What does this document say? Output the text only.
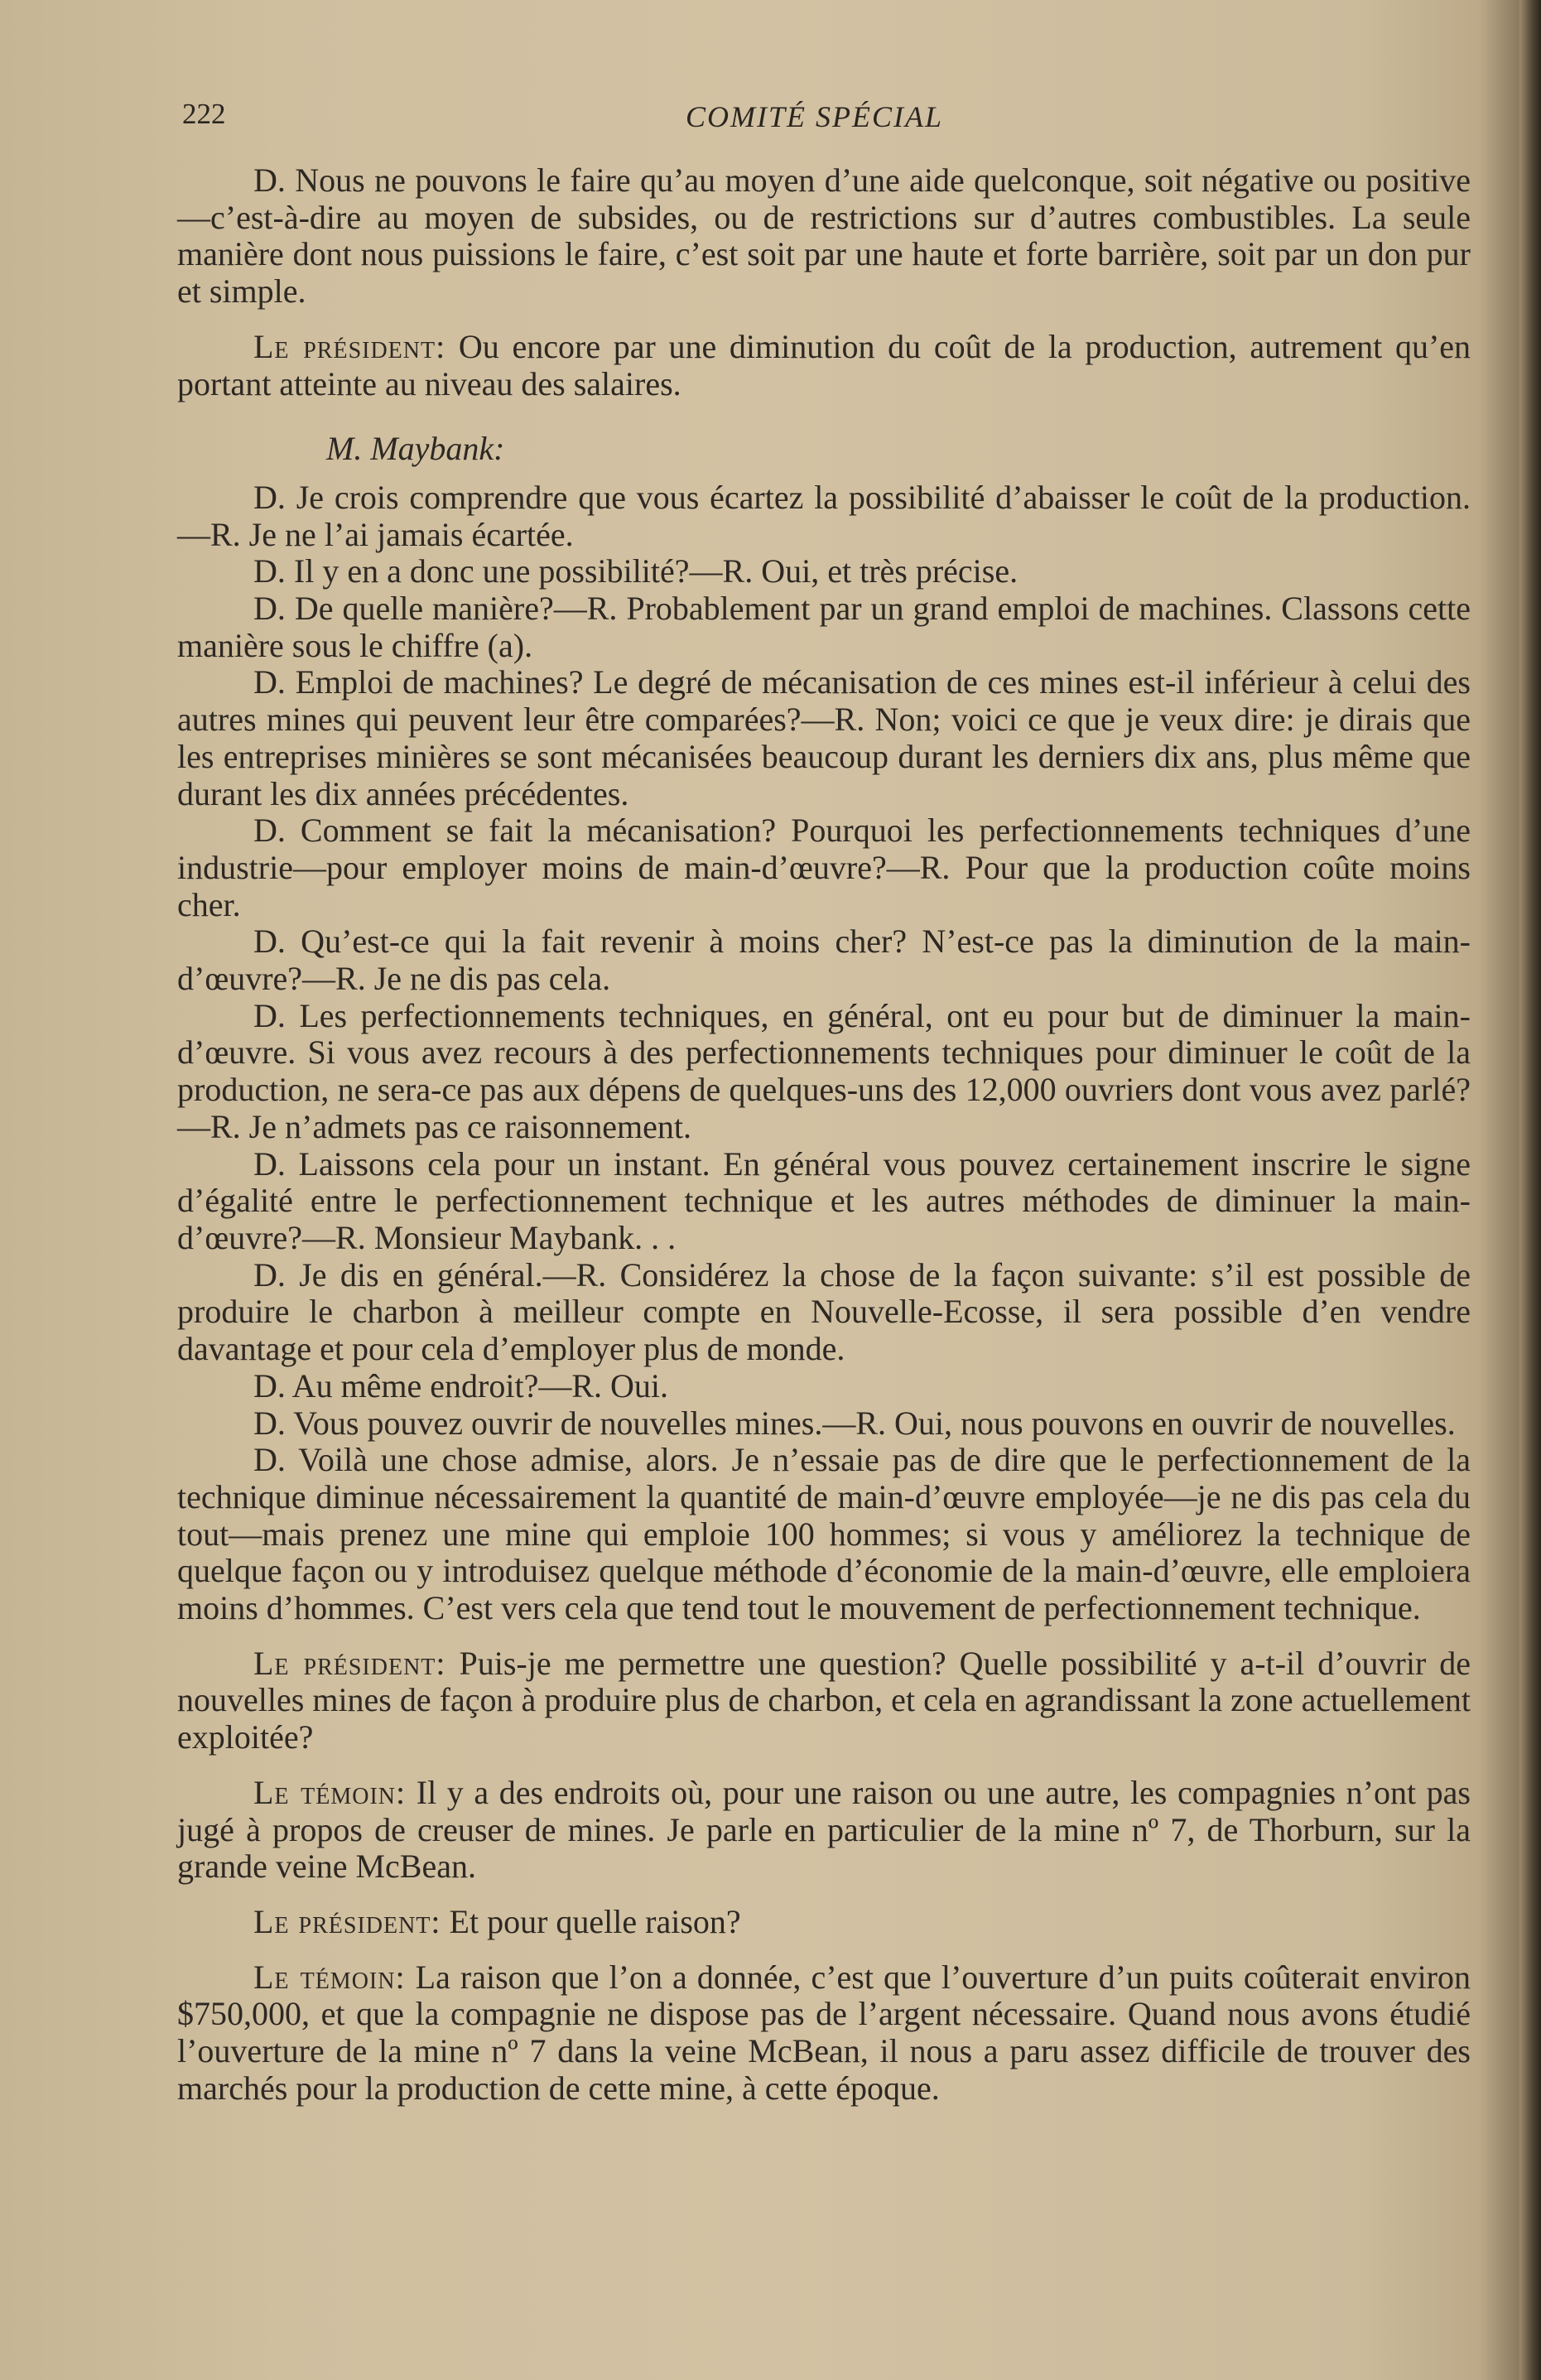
222	COMITÉ SPÉCIAL

D. Nous ne pouvons le faire qu’au moyen d’une aide quelconque, soit négative ou positive—c’est-à-dire au moyen de subsides, ou de restrictions sur d’autres combustibles. La seule manière dont nous puissions le faire, c’est soit par une haute et forte barrière, soit par un don pur et simple.

Le président: Ou encore par une diminution du coût de la production, autrement qu’en portant atteinte au niveau des salaires.

M. Maybank:

D. Je crois comprendre que vous écartez la possibilité d’abaisser le coût de la production.—R. Je ne l’ai jamais écartée.

D. Il y en a donc une possibilité?—R. Oui, et très précise.

D. De quelle manière?—R. Probablement par un grand emploi de machines. Classons cette manière sous le chiffre (a).

D. Emploi de machines? Le degré de mécanisation de ces mines est-il inférieur à celui des autres mines qui peuvent leur être comparées?—R. Non; voici ce que je veux dire: je dirais que les entreprises minières se sont mécanisées beaucoup durant les derniers dix ans, plus même que durant les dix années précédentes.

D. Comment se fait la mécanisation? Pourquoi les perfectionnements techniques d’une industrie—pour employer moins de main-d’œuvre?—R. Pour que la production coûte moins cher.

D. Qu’est-ce qui la fait revenir à moins cher? N’est-ce pas la diminution de la main-d’œuvre?—R. Je ne dis pas cela.

D. Les perfectionnements techniques, en général, ont eu pour but de diminuer la main-d’œuvre. Si vous avez recours à des perfectionnements techniques pour diminuer le coût de la production, ne sera-ce pas aux dépens de quelques-uns des 12,000 ouvriers dont vous avez parlé?—R. Je n’admets pas ce raisonnement.

D. Laissons cela pour un instant. En général vous pouvez certainement inscrire le signe d’égalité entre le perfectionnement technique et les autres méthodes de diminuer la main-d’œuvre?—R. Monsieur Maybank. . .

D. Je dis en général.—R. Considérez la chose de la façon suivante: s’il est possible de produire le charbon à meilleur compte en Nouvelle-Ecosse, il sera possible d’en vendre davantage et pour cela d’employer plus de monde.

D. Au même endroit?—R. Oui.

D. Vous pouvez ouvrir de nouvelles mines.—R. Oui, nous pouvons en ouvrir de nouvelles.

D. Voilà une chose admise, alors. Je n’essaie pas de dire que le perfectionnement de la technique diminue nécessairement la quantité de main-d’œuvre employée—je ne dis pas cela du tout—mais prenez une mine qui emploie 100 hommes; si vous y améliorez la technique de quelque façon ou y introduisez quelque méthode d’économie de la main-d’œuvre, elle emploiera moins d’hommes. C’est vers cela que tend tout le mouvement de perfectionnement technique.

Le président: Puis-je me permettre une question? Quelle possibilité y a-t-il d’ouvrir de nouvelles mines de façon à produire plus de charbon, et cela en agrandissant la zone actuellement exploitée?

Le témoin: Il y a des endroits où, pour une raison ou une autre, les compagnies n’ont pas jugé à propos de creuser de mines. Je parle en particulier de la mine nº 7, de Thorburn, sur la grande veine McBean.

Le président: Et pour quelle raison?

Le témoin: La raison que l’on a donnée, c’est que l’ouverture d’un puits coûterait environ $750,000, et que la compagnie ne dispose pas de l’argent nécessaire. Quand nous avons étudié l’ouverture de la mine nº 7 dans la veine McBean, il nous a paru assez difficile de trouver des marchés pour la production de cette mine, à cette époque.
